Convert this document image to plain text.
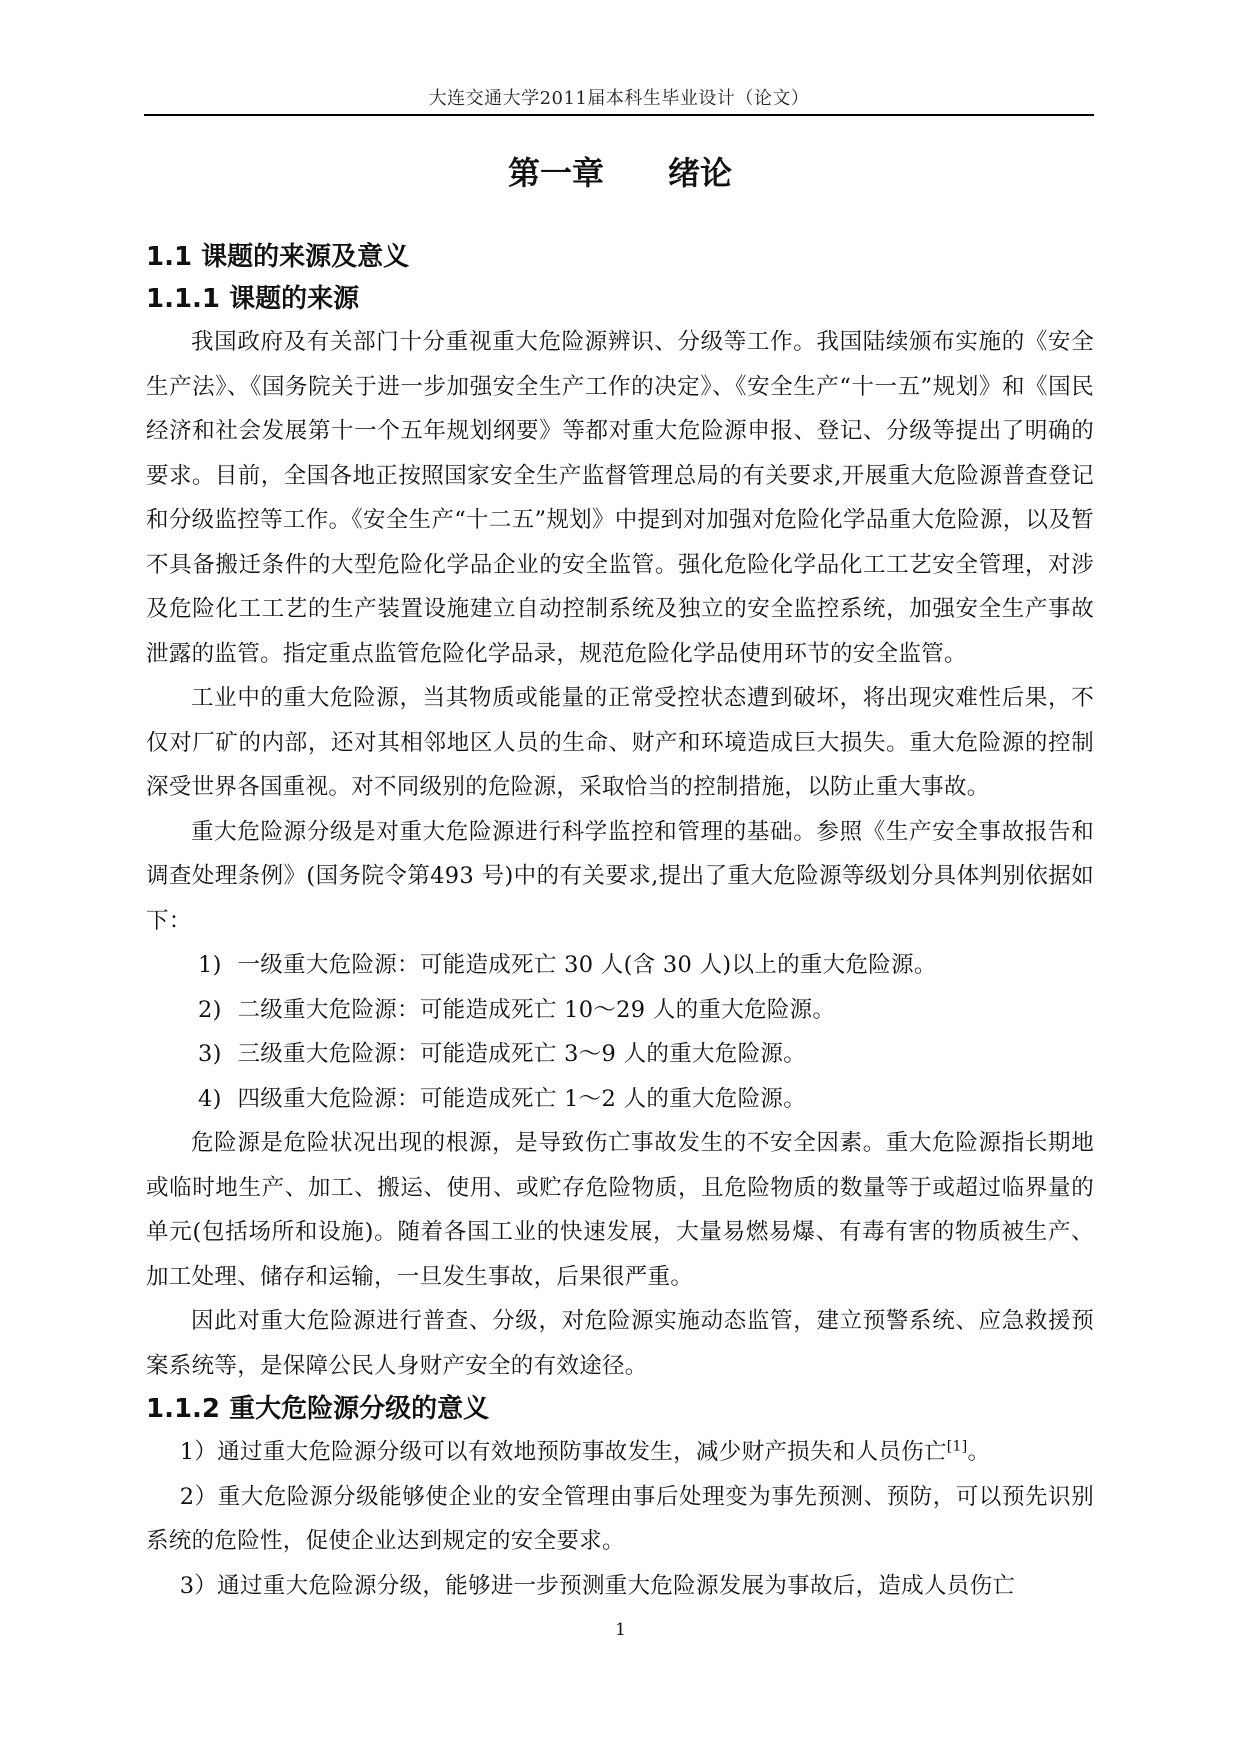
大连交通大学2011届本科生毕业设计（论文）
第一章　　绪论
1.1 课题的来源及意义
1.1.1 课题的来源

我国政府及有关部门十分重视重大危险源辨识、分级等工作。我国陆续颁布实施的《安全生产法》、《国务院关于进一步加强安全生产工作的决定》、《安全生产“十一五”规划》和《国民经济和社会发展第十一个五年规划纲要》等都对重大危险源申报、登记、分级等提出了明确的要求。目前，全国各地正按照国家安全生产监督管理总局的有关要求,开展重大危险源普查登记和分级监控等工作。《安全生产“十二五”规划》中提到对加强对危险化学品重大危险源，以及暂不具备搬迁条件的大型危险化学品企业的安全监管。强化危险化学品化工工艺安全管理，对涉及危险化工工艺的生产装置设施建立自动控制系统及独立的安全监控系统，加强安全生产事故泄露的监管。指定重点监管危险化学品录，规范危险化学品使用环节的安全监管。

工业中的重大危险源，当其物质或能量的正常受控状态遭到破坏，将出现灾难性后果，不仅对厂矿的内部，还对其相邻地区人员的生命、财产和环境造成巨大损失。重大危险源的控制深受世界各国重视。对不同级别的危险源，采取恰当的控制措施，以防止重大事故。

重大危险源分级是对重大危险源进行科学监控和管理的基础。参照《生产安全事故报告和调查处理条例》(国务院令第493 号)中的有关要求,提出了重大危险源等级划分具体判别依据如下：

1) 一级重大危险源：可能造成死亡 30 人(含 30 人)以上的重大危险源。
2) 二级重大危险源：可能造成死亡 10～29 人的重大危险源。
3) 三级重大危险源：可能造成死亡 3～9 人的重大危险源。
4) 四级重大危险源：可能造成死亡 1～2 人的重大危险源。

危险源是危险状况出现的根源，是导致伤亡事故发生的不安全因素。重大危险源指长期地或临时地生产、加工、搬运、使用、或贮存危险物质，且危险物质的数量等于或超过临界量的单元(包括场所和设施)。随着各国工业的快速发展，大量易燃易爆、有毒有害的物质被生产、加工处理、储存和运输，一旦发生事故，后果很严重。

因此对重大危险源进行普查、分级，对危险源实施动态监管，建立预警系统、应急救援预案系统等，是保障公民人身财产安全的有效途径。

1.1.2 重大危险源分级的意义

1）通过重大危险源分级可以有效地预防事故发生，减少财产损失和人员伤亡[1]。

2）重大危险源分级能够使企业的安全管理由事后处理变为事先预测、预防，可以预先识别系统的危险性，促使企业达到规定的安全要求。

3）通过重大危险源分级，能够进一步预测重大危险源发展为事故后，造成人员伤亡

1
